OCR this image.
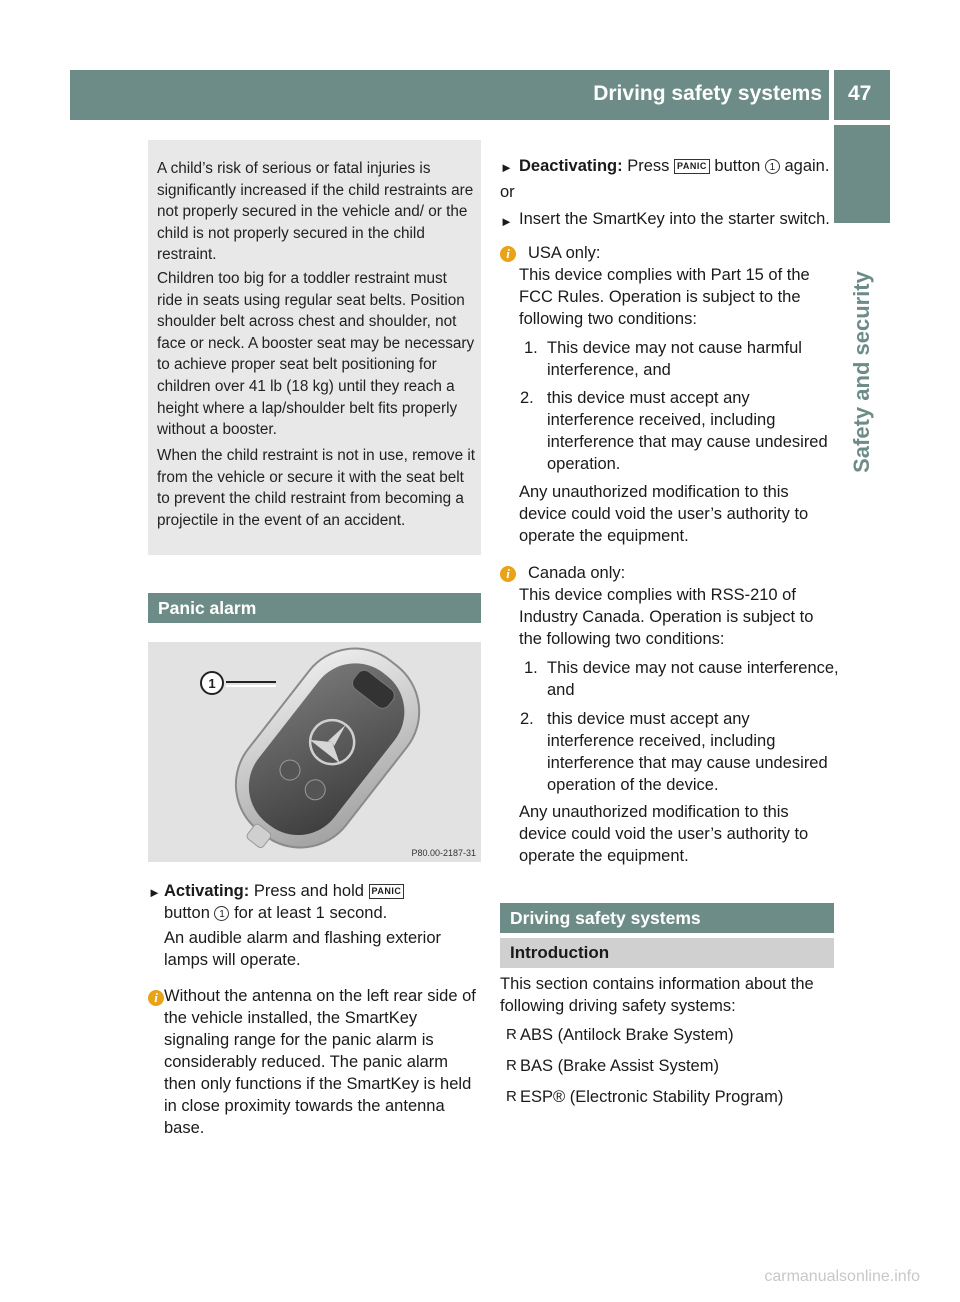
Driving safety systems 47
Safety and security

A child’s risk of serious or fatal injuries is significantly increased if the child restraints are not properly secured in the vehicle and/ or the child is not properly secured in the child restraint.

Children too big for a toddler restraint must ride in seats using regular seat belts. Position shoulder belt across chest and shoulder, not face or neck. A booster seat may be necessary to achieve proper seat belt positioning for children over 41 lb (18 kg) until they reach a height where a lap/shoulder belt fits properly without a booster.

When the child restraint is not in use, remove it from the vehicle or secure it with the seat belt to prevent the child restraint from becoming a projectile in the event of an accident.

Panic alarm
1
P80.00-2187-31
► Activating: Press and hold PANIC
button 1 for at least 1 second.
An audible alarm and flashing exterior lamps will operate.
i Without the antenna on the left rear side of the vehicle installed, the SmartKey signaling range for the panic alarm is considerably reduced. The panic alarm then only functions if the SmartKey is held in close proximity towards the antenna base.
► Deactivating: Press PANIC button 1 again.
or
► Insert the SmartKey into the starter switch.
i	USA only:
This device complies with Part 15 of the FCC Rules. Operation is subject to the following two conditions:
1. This device may not cause harmful interference, and
2. this device must accept any interference received, including interference that may cause undesired operation.
Any unauthorized modification to this device could void the user’s authority to operate the equipment.
i	Canada only:
This device complies with RSS-210 of Industry Canada. Operation is subject to the following two conditions:
1. This device may not cause interference, and
2. this device must accept any interference received, including interference that may cause undesired operation of the device.
Any unauthorized modification to this device could void the user’s authority to operate the equipment.
Driving safety systems
Introduction
This section contains information about the following driving safety systems:
R ABS (Antilock Brake System)
R BAS (Brake Assist System)
R ESP® (Electronic Stability Program)
carmanualsonline.info
